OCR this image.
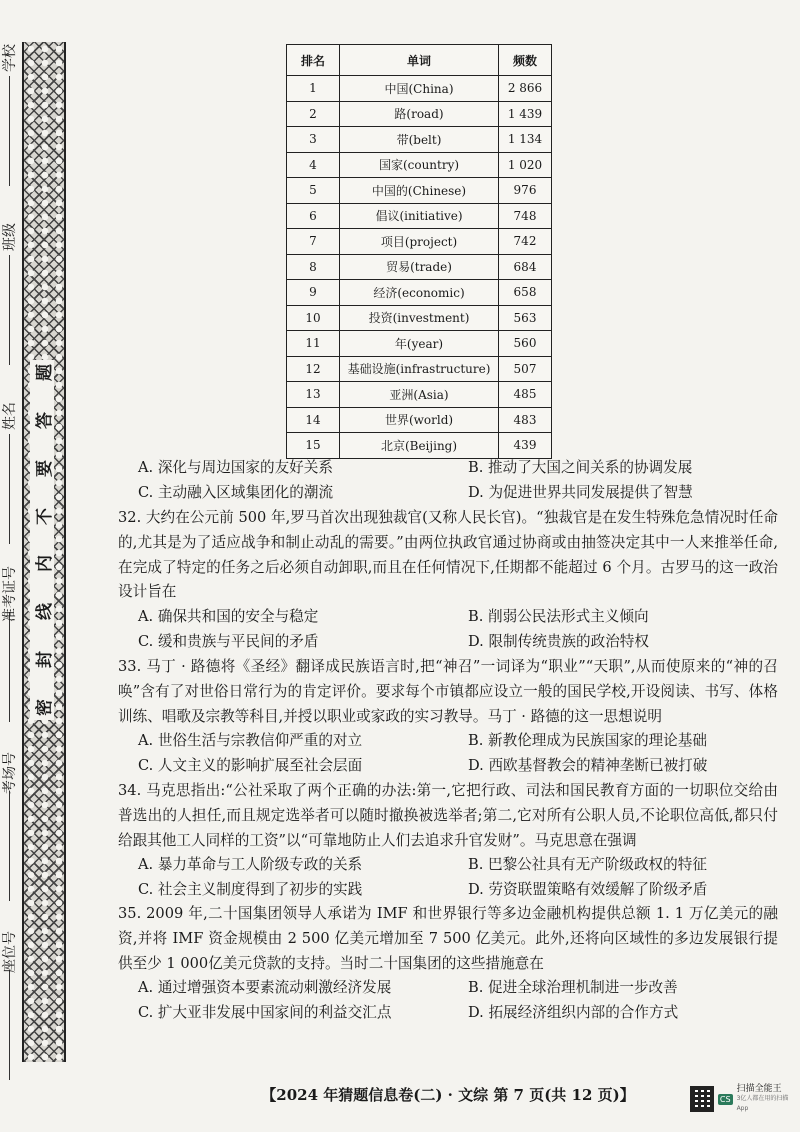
学校
班级
姓名
准考证号
考场号
座位号
题
答
要
不
内
线
封
密
排名	单词	频数
1	中国(China)	2 866
2	路(road)	1 439
3	带(belt)	1 134
4	国家(country)	1 020
5	中国的(Chinese)	976
6	倡议(initiative)	748
7	项目(project)	742
8	贸易(trade)	684
9	经济(economic)	658
10	投资(investment)	563
11	年(year)	560
12	基础设施(infrastructure)	507
13	亚洲(Asia)	485
14	世界(world)	483
15	北京(Beijing)	439
A. 深化与周边国家的友好关系	B. 推动了大国之间关系的协调发展
C. 主动融入区域集团化的潮流	D. 为促进世界共同发展提供了智慧
32. 大约在公元前 500 年,罗马首次出现独裁官(又称人民长官)。“独裁官是在发生特殊危急情况时任命的,尤其是为了适应战争和制止动乱的需要。”由两位执政官通过协商或由抽签决定其中一人来推举任命,在完成了特定的任务之后必须自动卸职,而且在任何情况下,任期都不能超过 6 个月。古罗马的这一政治设计旨在
A. 确保共和国的安全与稳定	B. 削弱公民法形式主义倾向
C. 缓和贵族与平民间的矛盾	D. 限制传统贵族的政治特权
33. 马丁 · 路德将《圣经》翻译成民族语言时,把“神召”一词译为“职业”“天职”,从而使原来的“神的召唤”含有了对世俗日常行为的肯定评价。要求每个市镇都应设立一般的国民学校,开设阅读、书写、体格训练、唱歌及宗教等科目,并授以职业或家政的实习教导。马丁 · 路德的这一思想说明
A. 世俗生活与宗教信仰严重的对立	B. 新教伦理成为民族国家的理论基础
C. 人文主义的影响扩展至社会层面	D. 西欧基督教会的精神垄断已被打破
34. 马克思指出:“公社采取了两个正确的办法:第一,它把行政、司法和国民教育方面的一切职位交给由普选出的人担任,而且规定选举者可以随时撤换被选举者;第二,它对所有公职人员,不论职位高低,都只付给跟其他工人同样的工资”以“可靠地防止人们去追求升官发财”。马克思意在强调
A. 暴力革命与工人阶级专政的关系	B. 巴黎公社具有无产阶级政权的特征
C. 社会主义制度得到了初步的实践	D. 劳资联盟策略有效缓解了阶级矛盾
35. 2009 年,二十国集团领导人承诺为 IMF 和世界银行等多边金融机构提供总额 1. 1 万亿美元的融资,并将 IMF 资金规模由 2 500 亿美元增加至 7 500 亿美元。此外,还将向区域性的多边发展银行提供至少 1 000亿美元贷款的支持。当时二十国集团的这些措施意在
A. 通过增强资本要素流动刺激经济发展	B. 促进全球治理机制进一步改善
C. 扩大亚非发展中国家间的利益交汇点	D. 拓展经济组织内部的合作方式
【2024 年猜题信息卷(二) · 文综 第 7 页(共 12 页)】	CS
扫描全能王
3亿人都在用的扫描App
